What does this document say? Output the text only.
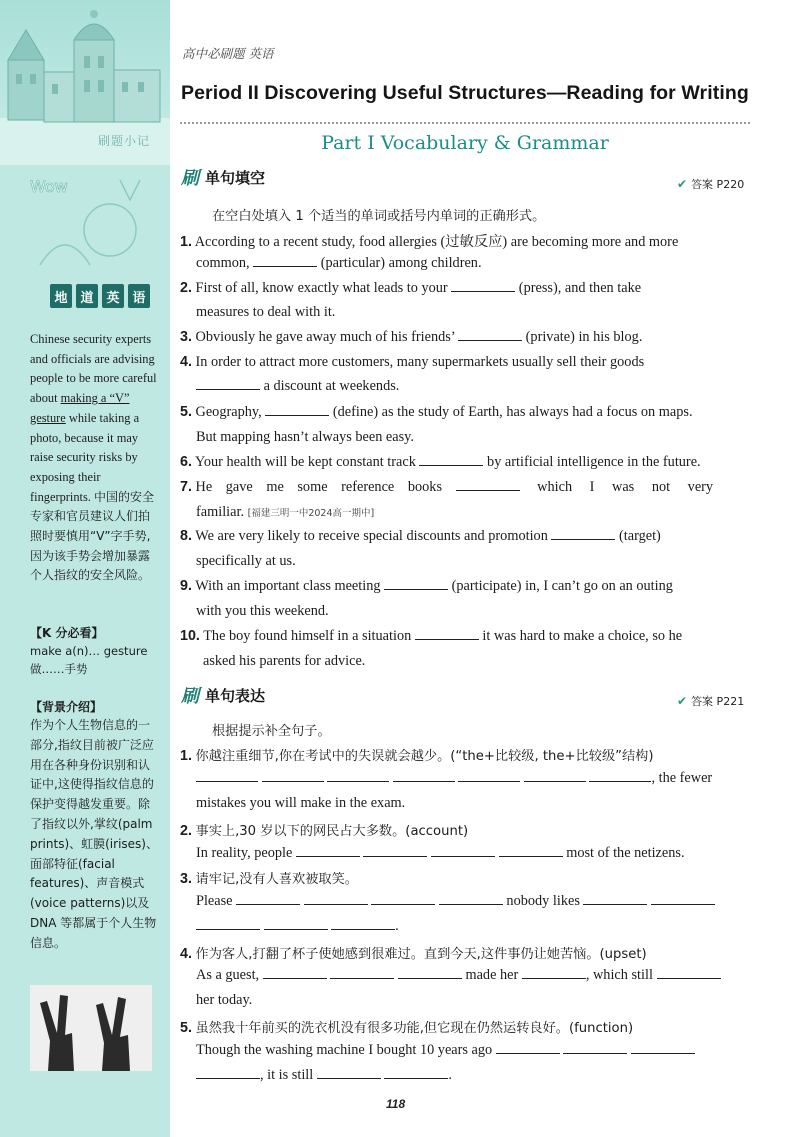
刷题小记
Wow
地 道 英 语
Chinese security experts and officials are advising people to be more careful about making a “V” gesture while taking a photo, because it may raise security risks by exposing their fingerprints. 中国的安全专家和官员建议人们拍照时要慎用“V”字手势,因为该手势会增加暴露个人指纹的安全风险。
【K 分必看】
make a(n)… gesture
做……手势
【背景介绍】
作为个人生物信息的一部分,指纹目前被广泛应用在各种身份识别和认证中,这使得指纹信息的保护变得越发重要。除了指纹以外,掌纹(palm prints)、虹膜(irises)、面部特征(facial features)、声音模式(voice patterns)以及 DNA 等都属于个人生物信息。
高中必刷题 英语
Period II Discovering Useful Structures—Reading for Writing
Part I Vocabulary & Grammar
刷 单句填空	✔ 答案 P220
在空白处填入 1 个适当的单词或括号内单词的正确形式。
1. According to a recent study, food allergies (过敏反应) are becoming more and more
common,	(particular) among children.
2. First of all, know exactly what leads to your	(press), and then take
measures to deal with it.
3. Obviously he gave away much of his friends’	(private) in his blog.
4. In order to attract more customers, many supermarkets usually sell their goods
a discount at weekends.
5. Geography,	(define) as the study of Earth, has always had a focus on maps.
But mapping hasn’t always been easy.
6. Your health will be kept constant track	by artificial intelligence in the future.
7. He gave me some reference books	which I was not very
familiar. [福建三明一中2024高一期中]
8. We are very likely to receive special discounts and promotion	(target)
specifically at us.
9. With an important class meeting	(participate) in, I can’t go on an outing
with you this weekend.
10. The boy found himself in a situation	it was hard to make a choice, so he
asked his parents for advice.
刷 单句表达	✔ 答案 P221
根据提示补全句子。
1. 你越注重细节,你在考试中的失误就会越少。(“the+比较级, the+比较级”结构)
, the fewer
mistakes you will make in the exam.
2. 事实上,30 岁以下的网民占大多数。(account)
In reality, people	most of the netizens.
3. 请牢记,没有人喜欢被取笑。
Please	nobody likes
.
4. 作为客人,打翻了杯子使她感到很难过。直到今天,这件事仍让她苦恼。(upset)
As a guest,	made her	, which still
her today.
5. 虽然我十年前买的洗衣机没有很多功能,但它现在仍然运转良好。(function)
Though the washing machine I bought 10 years ago
, it is still	.
118
